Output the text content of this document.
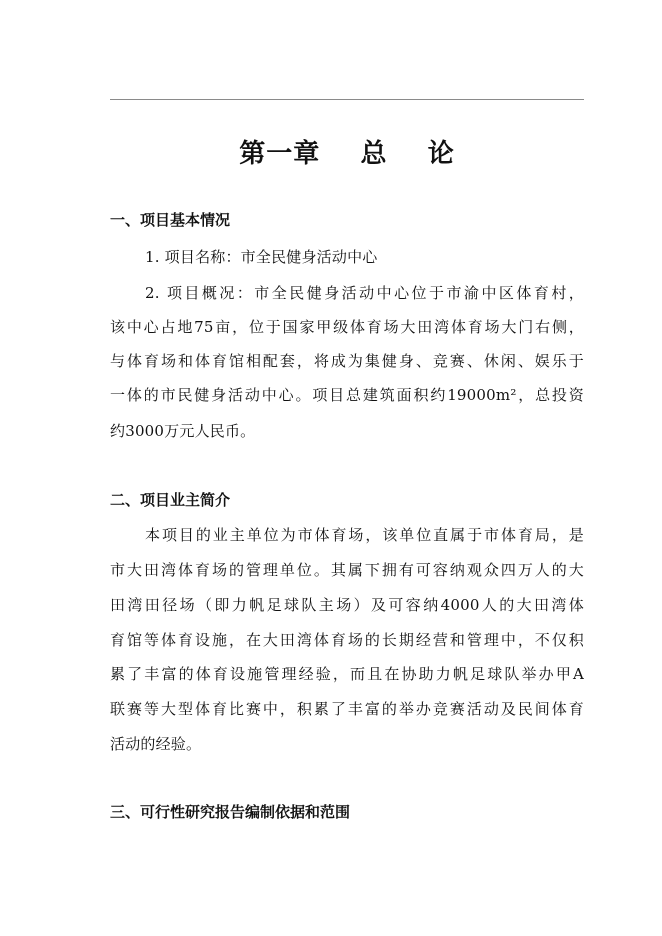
第一章    总    论
一、项目基本情况
1. 项目名称：市全民健身活动中心
2. 项目概况：市全民健身活动中心位于市渝中区体育村，
该中心占地75亩，位于国家甲级体育场大田湾体育场大门右侧，
与体育场和体育馆相配套，将成为集健身、竞赛、休闲、娱乐于
一体的市民健身活动中心。项目总建筑面积约19000m²，总投资
约3000万元人民币。
二、项目业主简介
本项目的业主单位为市体育场，该单位直属于市体育局，是
市大田湾体育场的管理单位。其属下拥有可容纳观众四万人的大
田湾田径场（即力帆足球队主场）及可容纳4000人的大田湾体
育馆等体育设施，在大田湾体育场的长期经营和管理中，不仅积
累了丰富的体育设施管理经验，而且在协助力帆足球队举办甲A
联赛等大型体育比赛中，积累了丰富的举办竞赛活动及民间体育
活动的经验。
三、可行性研究报告编制依据和范围
